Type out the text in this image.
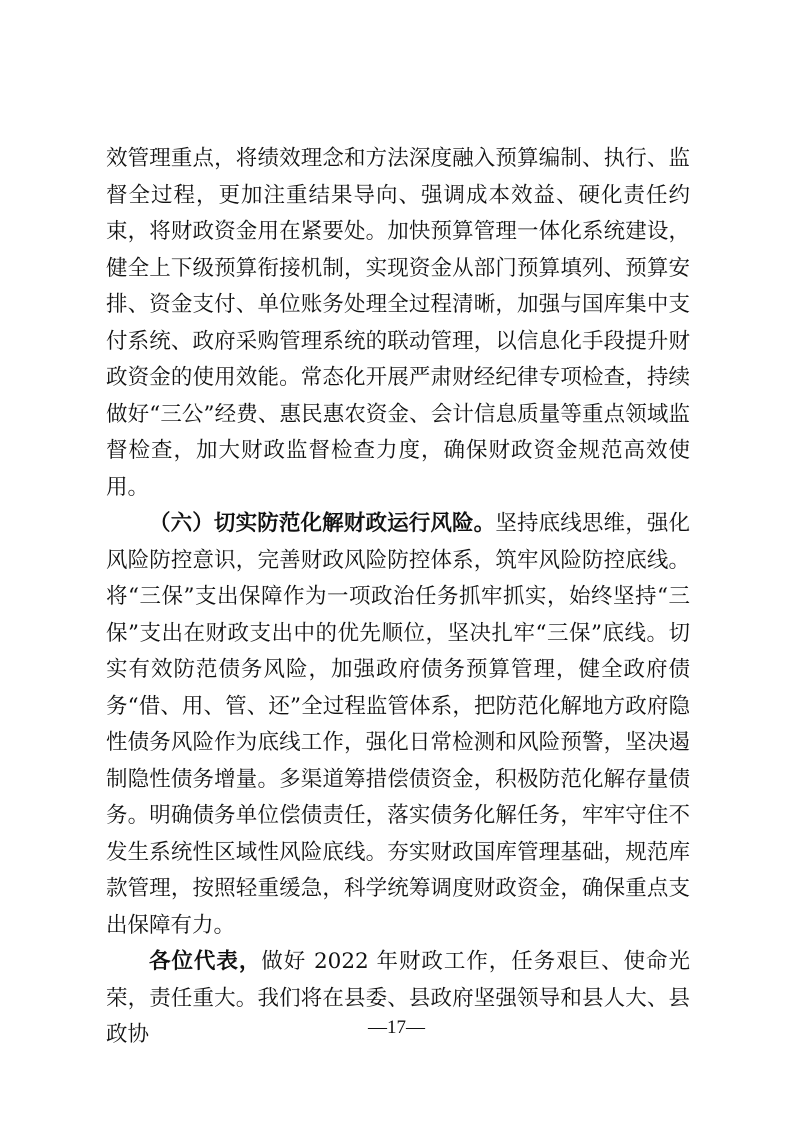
效管理重点，将绩效理念和方法深度融入预算编制、执行、监督全过程，更加注重结果导向、强调成本效益、硬化责任约束，将财政资金用在紧要处。加快预算管理一体化系统建设，健全上下级预算衔接机制，实现资金从部门预算填列、预算安排、资金支付、单位账务处理全过程清晰，加强与国库集中支付系统、政府采购管理系统的联动管理，以信息化手段提升财政资金的使用效能。常态化开展严肃财经纪律专项检查，持续做好“三公”经费、惠民惠农资金、会计信息质量等重点领域监督检查，加大财政监督检查力度，确保财政资金规范高效使用。

（六）切实防范化解财政运行风险。坚持底线思维，强化风险防控意识，完善财政风险防控体系，筑牢风险防控底线。将“三保”支出保障作为一项政治任务抓牢抓实，始终坚持“三保”支出在财政支出中的优先顺位，坚决扎牢“三保”底线。切实有效防范债务风险，加强政府债务预算管理，健全政府债务“借、用、管、还”全过程监管体系，把防范化解地方政府隐性债务风险作为底线工作，强化日常检测和风险预警，坚决遏制隐性债务增量。多渠道筹措偿债资金，积极防范化解存量债务。明确债务单位偿债责任，落实债务化解任务，牢牢守住不发生系统性区域性风险底线。夯实财政国库管理基础，规范库款管理，按照轻重缓急，科学统筹调度财政资金，确保重点支出保障有力。

各位代表，做好 2022 年财政工作，任务艰巨、使命光荣，责任重大。我们将在县委、县政府坚强领导和县人大、县政协	—17—
